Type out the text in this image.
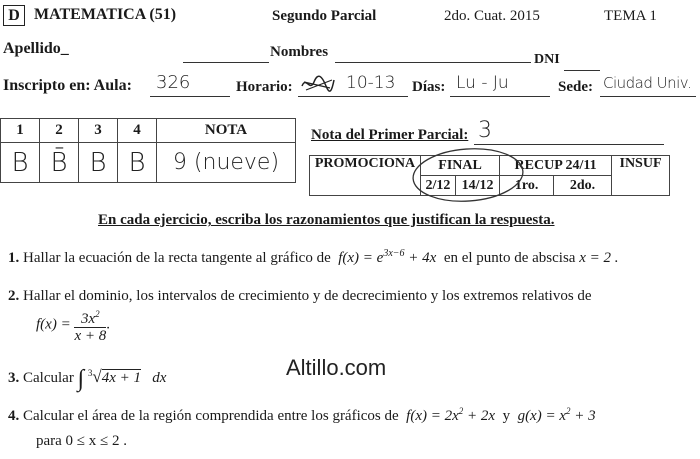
D MATEMATICA (51)	Segundo Parcial	2do. Cuat. 2015	TEMA 1
Apellido_	Nombres	DNI
Inscripto en: Aula: 326	Horario:	10-13 Días: Lu - Ju	Sede: Ciudad Univ.
1	2	3	4	NOTA
B	B̄	B	B	9 (nueve)
Nota del Primer Parcial: 3
PROMOCIONA	FINAL		RECUP 24/11		INSUF
	2/12	14/12	1ro.	2do.	
En cada ejercicio, escriba los razonamientos que justifican la respuesta.
1. Hallar la ecuación de la recta tangente al gráfico de  $f(x) = e^{3x-6} + 4x$  en el punto de abscisa x = 2 .
2. Hallar el dominio, los intervalos de crecimiento y de decrecimiento y los extremos relativos de
$f(x) = \frac{3x^2}{x + 8}$ .
3. Calcular ∫ $^3$√4x + 1   dx	Altillo.com
4. Calcular el área de la región comprendida entre los gráficos de  $f(x) = 2x^2 + 2x$  y  $g(x) = x^2 + 3$
para 0 ≤ x ≤ 2 .
